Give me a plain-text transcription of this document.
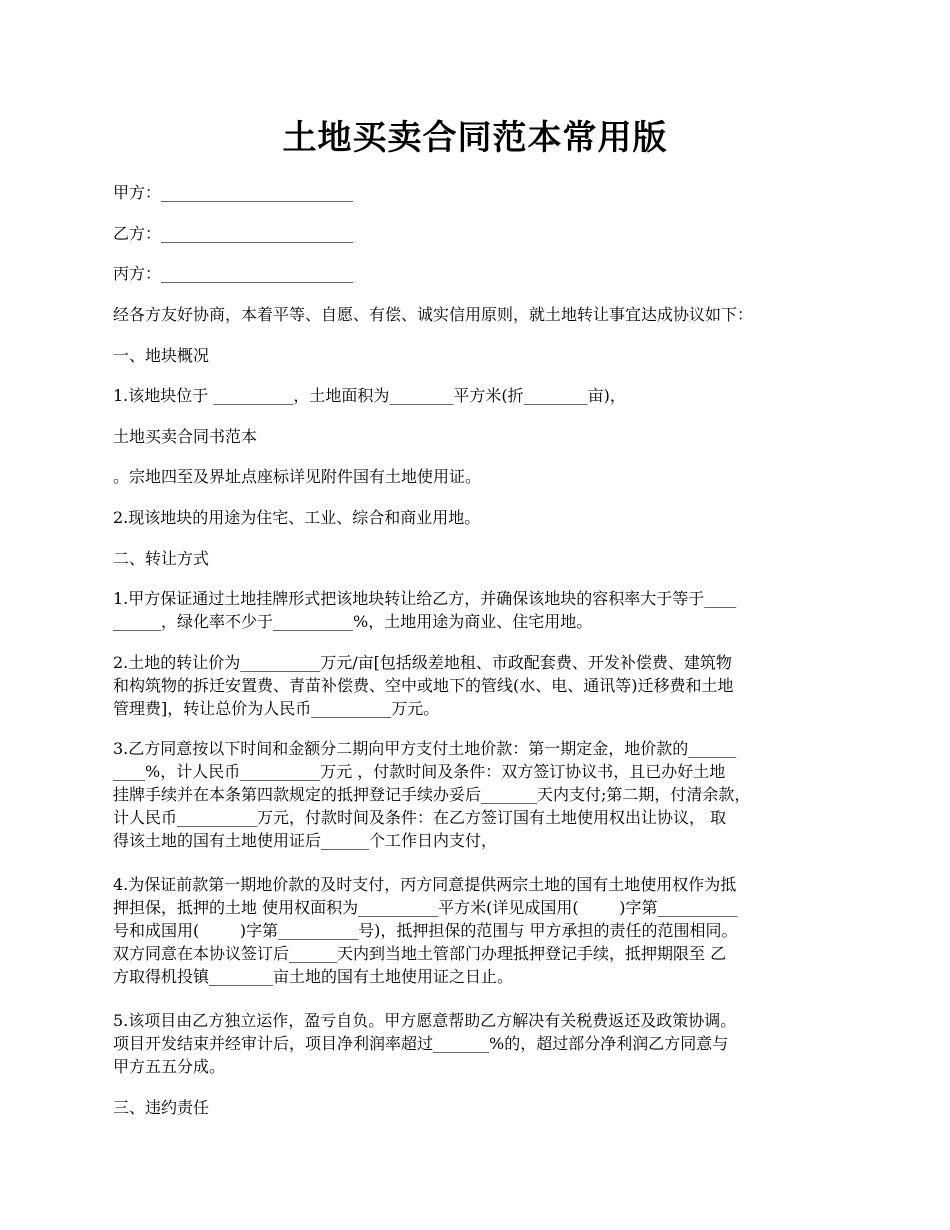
土地买卖合同范本常用版
甲方：________________________
乙方：________________________
丙方：________________________
经各方友好协商，本着平等、自愿、有偿、诚实信用原则，就土地转让事宜达成协议如下：
一、地块概况
1.该地块位于 __________，土地面积为________平方米(折________亩)，
土地买卖合同书范本
。宗地四至及界址点座标详见附件国有土地使用证。
2.现该地块的用途为住宅、工业、综合和商业用地。
二、转让方式
1.甲方保证通过土地挂牌形式把该地块转让给乙方，并确保该地块的容积率大于等于____
______，绿化率不少于__________%，土地用途为商业、住宅用地。
2.土地的转让价为__________万元/亩[包括级差地租、市政配套费、开发补偿费、建筑物
和构筑物的拆迁安置费、青苗补偿费、空中或地下的管线(水、电、通讯等)迁移费和土地
管理费]，转让总价为人民币__________万元。
3.乙方同意按以下时间和金额分二期向甲方支付土地价款：第一期定金，地价款的______
____%，计人民币__________万元 ，付款时间及条件：双方签订协议书，且已办好土地
挂牌手续并在本条第四款规定的抵押登记手续办妥后_______天内支付;第二期，付清余款，
计人民币__________万元，付款时间及条件：在乙方签订国有土地使用权出让协议， 取
得该土地的国有土地使用证后______个工作日内支付，
4.为保证前款第一期地价款的及时支付，丙方同意提供两宗土地的国有土地使用权作为抵
押担保，抵押的土地 使用权面积为__________平方米(详见成国用(        )字第__________
号和成国用(        )字第__________号)，抵押担保的范围与 甲方承担的责任的范围相同。
双方同意在本协议签订后______天内到当地土管部门办理抵押登记手续，抵押期限至 乙
方取得机投镇________亩土地的国有土地使用证之日止。
5.该项目由乙方独立运作，盈亏自负。甲方愿意帮助乙方解决有关税费返还及政策协调。
项目开发结束并经审计后，项目净利润率超过_______%的，超过部分净利润乙方同意与
甲方五五分成。
三、违约责任
